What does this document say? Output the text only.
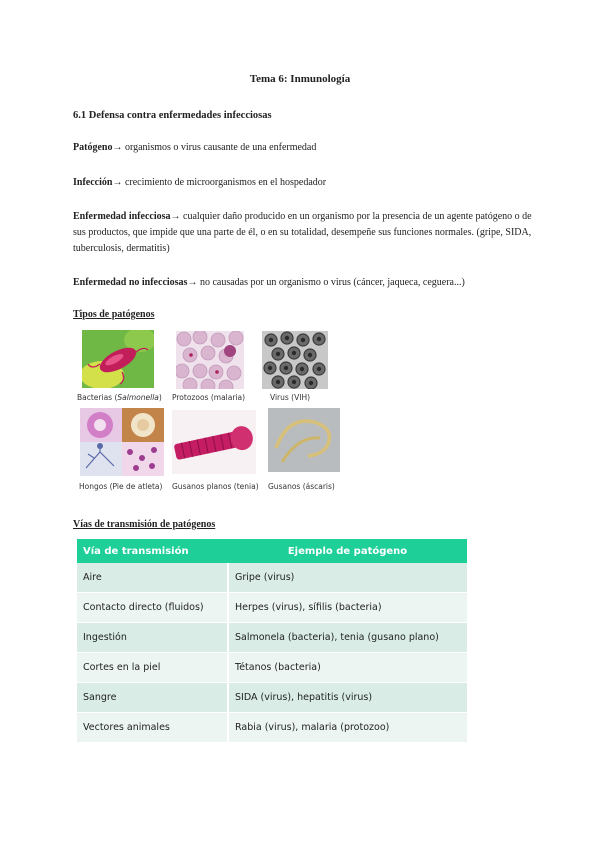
Tema 6: Inmunología
6.1 Defensa contra enfermedades infecciosas
Patógeno→ organismos o virus causante de una enfermedad
Infección→ crecimiento de microorganismos en el hospedador
Enfermedad infecciosa→ cualquier daño producido en un organismo por la presencia de un agente patógeno o de sus productos, que impide que una parte de él, o en su totalidad, desempeñe sus funciones normales. (gripe, SIDA, tuberculosis, dermatitis)
Enfermedad no infecciosas→ no causadas por un organismo o virus (cáncer, jaqueca, ceguera...)
Tipos de patógenos
Bacterias (Salmonella) Protozoos (malaria)	Virus (VIH)
Hongos (Pie de atleta) Gusanos planos (tenia) Gusanos (áscaris)
Vías de transmisión de patógenos
Vía de transmisión	Ejemplo de patógeno
Aire	Gripe (virus)
Contacto directo (fluidos)	Herpes (virus), sífilis (bacteria)
Ingestión	Salmonela (bacteria), tenia (gusano plano)
Cortes en la piel	Tétanos (bacteria)
Sangre	SIDA (virus), hepatitis (virus)
Vectores animales	Rabia (virus), malaria (protozoo)
